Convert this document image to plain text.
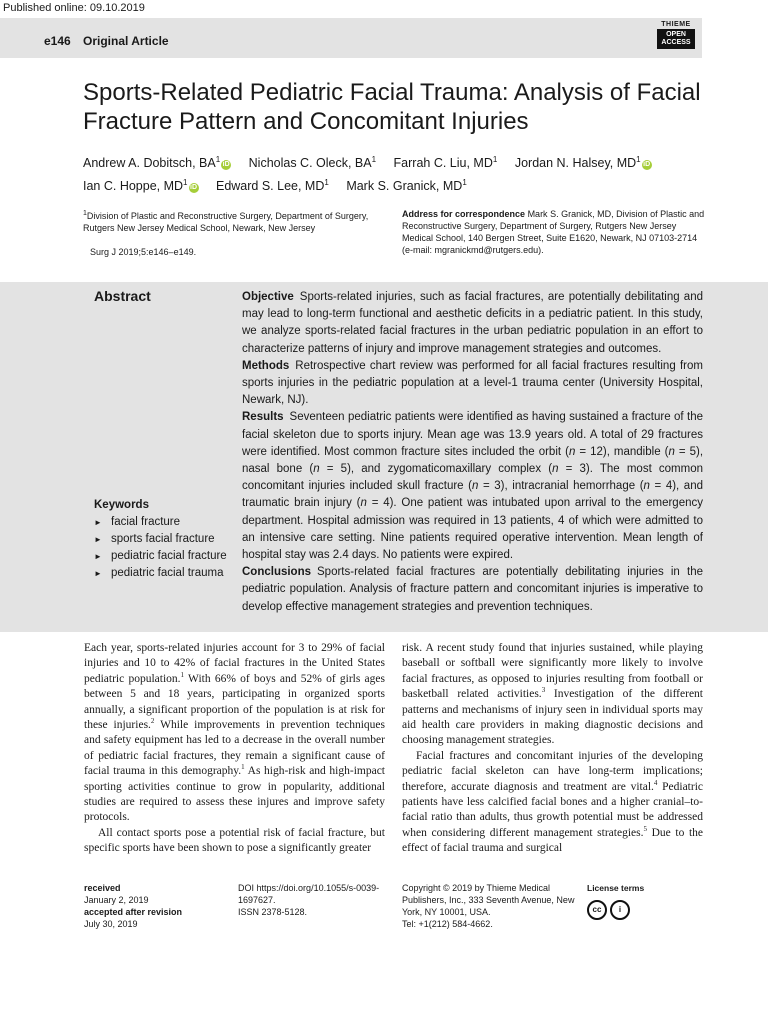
Published online: 09.10.2019
e146 Original Article
THIEME
OPEN
ACCESS
Sports-Related Pediatric Facial Trauma: Analysis of Facial Fracture Pattern and Concomitant Injuries
Andrew A. Dobitsch, $BA^1iD$ Nicholas C. Oleck, $BA^1$ Farrah C. Liu, $MD^1$ Jordan N. Halsey, $MD^1iD$ Ian C. Hoppe, $MD^1iD$ Edward S. Lee, $MD^1$ Mark S. Granick, $MD^1$
$^1$Division of Plastic and Reconstructive Surgery, Department of Surgery, Rutgers New Jersey Medical School, Newark, New Jersey
Surg J 2019;5:e146–e149.
Address for correspondence Mark S. Granick, MD, Division of Plastic and Reconstructive Surgery, Department of Surgery, Rutgers New Jersey Medical School, 140 Bergen Street, Suite E1620, Newark, NJ 07103-2714 (e-mail: mgranickmd@rutgers.edu).
Abstract
Keywords
► facial fracture
► sports facial fracture
► pediatric facial fracture
► pediatric facial trauma

Objective Sports-related injuries, such as facial fractures, are potentially debilitating and may lead to long-term functional and aesthetic deficits in a pediatric patient. In this study, we analyze sports-related facial fractures in the urban pediatric population in an effort to characterize patterns of injury and improve management strategies and outcomes.

Methods Retrospective chart review was performed for all facial fractures resulting from sports injuries in the pediatric population at a level-1 trauma center (University Hospital, Newark, NJ).

Results Seventeen pediatric patients were identified as having sustained a fracture of the facial skeleton due to sports injury. Mean age was 13.9 years old. A total of 29 fractures were identified. Most common fracture sites included the orbit (n = 12), mandible (n = 5), nasal bone (n = 5), and zygomaticomaxillary complex (n = 3). The most common concomitant injuries included skull fracture (n = 3), intracranial hemorrhage (n = 4), and traumatic brain injury (n = 4). One patient was intubated upon arrival to the emergency department. Hospital admission was required in 13 patients, 4 of which were admitted to an intensive care setting. Nine patients required operative intervention. Mean length of hospital stay was 2.4 days. No patients were expired.

Conclusions Sports-related facial fractures are potentially debilitating injuries in the pediatric population. Analysis of fracture pattern and concomitant injuries is imperative to develop effective management strategies and prevention techniques.

Each year, sports-related injuries account for 3 to 29% of facial injuries and 10 to 42% of facial fractures in the United States pediatric population.$^1$ With 66% of boys and 52% of girls ages between 5 and 18 years, participating in organized sports annually, a significant proportion of the population is at risk for these injuries.$^2$ While improvements in prevention techniques and safety equipment has led to a decrease in the overall number of pediatric facial fractures, they remain a significant cause of facial trauma in this demography.$^1$ As high-risk and high-impact sporting activities continue to grow in popularity, additional studies are required to assess these injures and improve safety protocols.

All contact sports pose a potential risk of facial fracture, but specific sports have been shown to pose a significantly greater

risk. A recent study found that injuries sustained, while playing baseball or softball were significantly more likely to involve facial fractures, as opposed to injuries resulting from football or basketball related activities.$^3$ Investigation of the different patterns and mechanisms of injury seen in individual sports may aid health care providers in making diagnostic decisions and choosing management strategies.

Facial fractures and concomitant injuries of the developing pediatric facial skeleton can have long-term implications; therefore, accurate diagnosis and treatment are vital.$^4$ Pediatric patients have less calcified facial bones and a higher cranial–to-facial ratio than adults, thus growth potential must be addressed when considering different management strategies.$^5$ Due to the effect of facial trauma and surgical

received
January 2, 2019
accepted after revision
July 30, 2019
DOI https://doi.org/10.1055/s-0039-1697627.
ISSN 2378-5128.
Copyright © 2019 by Thieme Medical Publishers, Inc., 333 Seventh Avenue, New York, NY 10001, USA.
Tel: +1(212) 584-4662.
License terms
cc i
